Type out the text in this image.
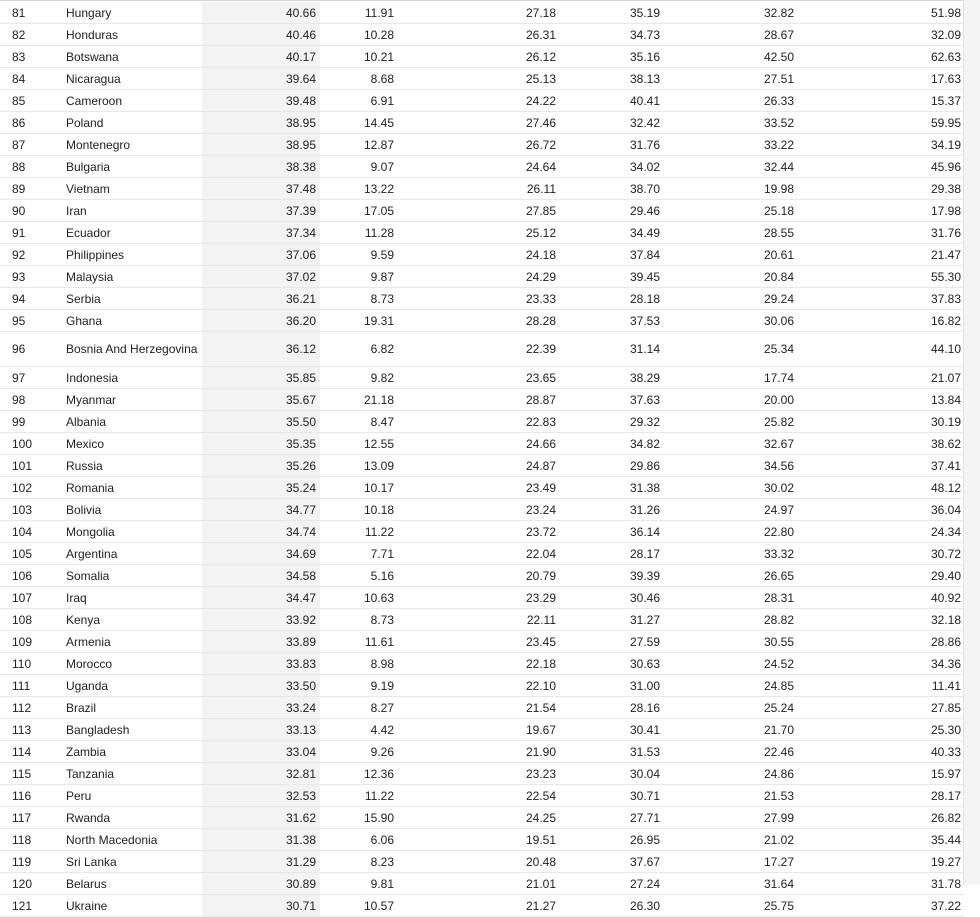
81	Hungary	40.66	11.91	27.18	35.19	32.82	51.98
82	Honduras	40.46	10.28	26.31	34.73	28.67	32.09
83	Botswana	40.17	10.21	26.12	35.16	42.50	62.63
84	Nicaragua	39.64	8.68	25.13	38.13	27.51	17.63
85	Cameroon	39.48	6.91	24.22	40.41	26.33	15.37
86	Poland	38.95	14.45	27.46	32.42	33.52	59.95
87	Montenegro	38.95	12.87	26.72	31.76	33.22	34.19
88	Bulgaria	38.38	9.07	24.64	34.02	32.44	45.96
89	Vietnam	37.48	13.22	26.11	38.70	19.98	29.38
90	Iran	37.39	17.05	27.85	29.46	25.18	17.98
91	Ecuador	37.34	11.28	25.12	34.49	28.55	31.76
92	Philippines	37.06	9.59	24.18	37.84	20.61	21.47
93	Malaysia	37.02	9.87	24.29	39.45	20.84	55.30
94	Serbia	36.21	8.73	23.33	28.18	29.24	37.83
95	Ghana	36.20	19.31	28.28	37.53	30.06	16.82
96	Bosnia And Herzegovina	36.12	6.82	22.39	31.14	25.34	44.10
97	Indonesia	35.85	9.82	23.65	38.29	17.74	21.07
98	Myanmar	35.67	21.18	28.87	37.63	20.00	13.84
99	Albania	35.50	8.47	22.83	29.32	25.82	30.19
100	Mexico	35.35	12.55	24.66	34.82	32.67	38.62
101	Russia	35.26	13.09	24.87	29.86	34.56	37.41
102	Romania	35.24	10.17	23.49	31.38	30.02	48.12
103	Bolivia	34.77	10.18	23.24	31.26	24.97	36.04
104	Mongolia	34.74	11.22	23.72	36.14	22.80	24.34
105	Argentina	34.69	7.71	22.04	28.17	33.32	30.72
106	Somalia	34.58	5.16	20.79	39.39	26.65	29.40
107	Iraq	34.47	10.63	23.29	30.46	28.31	40.92
108	Kenya	33.92	8.73	22.11	31.27	28.82	32.18
109	Armenia	33.89	11.61	23.45	27.59	30.55	28.86
110	Morocco	33.83	8.98	22.18	30.63	24.52	34.36
111	Uganda	33.50	9.19	22.10	31.00	24.85	11.41
112	Brazil	33.24	8.27	21.54	28.16	25.24	27.85
113	Bangladesh	33.13	4.42	19.67	30.41	21.70	25.30
114	Zambia	33.04	9.26	21.90	31.53	22.46	40.33
115	Tanzania	32.81	12.36	23.23	30.04	24.86	15.97
116	Peru	32.53	11.22	22.54	30.71	21.53	28.17
117	Rwanda	31.62	15.90	24.25	27.71	27.99	26.82
118	North Macedonia	31.38	6.06	19.51	26.95	21.02	35.44
119	Sri Lanka	31.29	8.23	20.48	37.67	17.27	19.27
120	Belarus	30.89	9.81	21.01	27.24	31.64	31.78
121	Ukraine	30.71	10.57	21.27	26.30	25.75	37.22
